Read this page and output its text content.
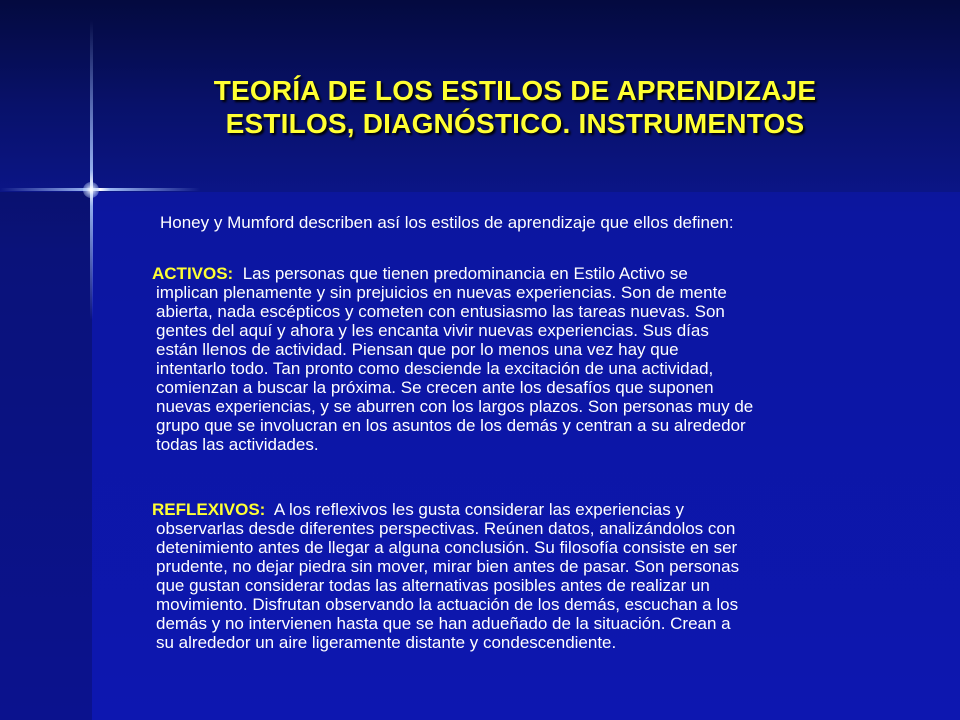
TEORÍA DE LOS ESTILOS DE APRENDIZAJE
ESTILOS, DIAGNÓSTICO. INSTRUMENTOS
Honey y Mumford describen así los estilos de aprendizaje que ellos definen:
ACTIVOS: Las personas que tienen predominancia en Estilo Activo se
implican plenamente y sin prejuicios en nuevas experiencias. Son de mente
abierta, nada escépticos y cometen con entusiasmo las tareas nuevas. Son
gentes del aquí y ahora y les encanta vivir nuevas experiencias. Sus días
están llenos de actividad. Piensan que por lo menos una vez hay que
intentarlo todo. Tan pronto como desciende la excitación de una actividad,
comienzan a buscar la próxima. Se crecen ante los desafíos que suponen
nuevas experiencias, y se aburren con los largos plazos. Son personas muy de
grupo que se involucran en los asuntos de los demás y centran a su alrededor
todas las actividades.
REFLEXIVOS: A los reflexivos les gusta considerar las experiencias y
observarlas desde diferentes perspectivas. Reúnen datos, analizándolos con
detenimiento antes de llegar a alguna conclusión. Su filosofía consiste en ser
prudente, no dejar piedra sin mover, mirar bien antes de pasar. Son personas
que gustan considerar todas las alternativas posibles antes de realizar un
movimiento. Disfrutan observando la actuación de los demás, escuchan a los
demás y no intervienen hasta que se han adueñado de la situación. Crean a
su alrededor un aire ligeramente distante y condescendiente.
